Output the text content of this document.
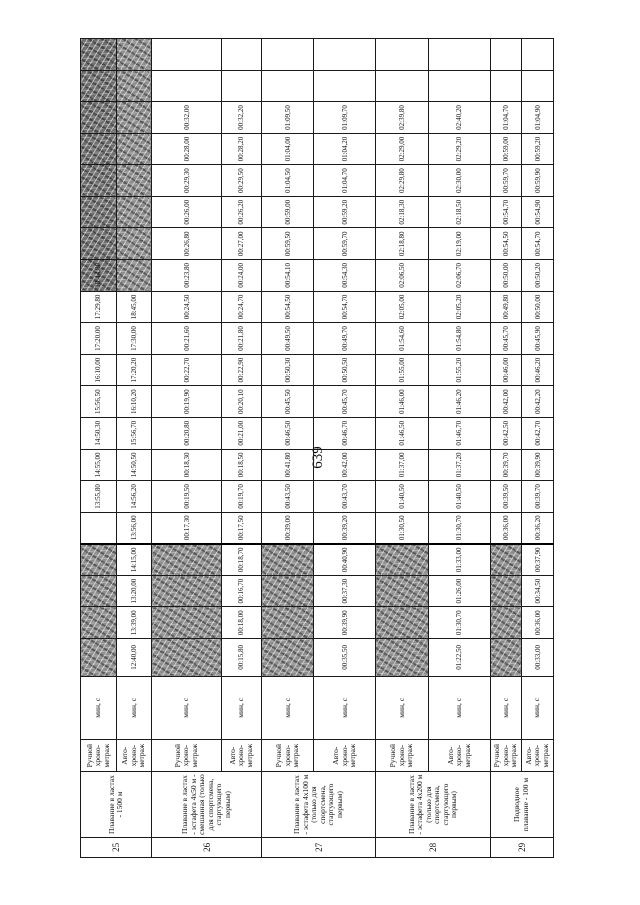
639
25	Плавание в ластах - 1500 м	Ручной хроно-метраж	мин, с						13:55,80	14:55,00	14:50,30	15:56,50	16:10,00	17:20,00	17:29,80	18:44,80							
		Авто-хроно-метраж	мин, с	12:40,00	13:39,00	13:20,00	14:15,00	13:56,00	14:56,20	14:50,50	15:56,70	16:10,20	17:20,20	17:30,00	18:45,00								
26	Плавание в ластах - эстафета 4х50 м - смешанная (только для спортсмена, стартующего первым)	Ручной хроно-метраж	мин, с					00:17,30	00:19,50	00:18,30	00:20,80	00:19,90	00:22,70	00:21,60	00:24,50	00:23,80	00:26,80	00:26,00	00:29,30	00:28,00	00:32,00		
		Авто-хроно-метраж	мин, с	00:15,80	00:18,00	00:16,70	00:18,70	00:17,50	00:19,70	00:18,50	00:21,00	00:20,10	00:22,90	00:21,80	00:24,70	00:24,00	00:27,00	00:26,20	00:29,50	00:28,20	00:32,20		
27	Плавание в ластах - эстафета 4х100 м (только для спортсмена, стартующего первым)	Ручной хроно-метраж	мин, с					00:39,00	00:43,50	00:41,80	00:46,50	00:45,50	00:50,30	00:49,50	00:54,50	00:54,10	00:59,50	00:59,00	01:04,50	01:04,00	01:09,50		
		Авто-хроно-метраж	мин, с	00:35,50	00:39,90	00:37,30	00:40,90	00:39,20	00:43,70	00:42,00	00:46,70	00:45,70	00:50,50	00:49,70	00:54,70	00:54,30	00:59,70	00:59,20	01:04,70	01:04,20	01:09,70		
28	Плавание в ластах - эстафета 4х200 м (только для спортсмена, стартующего первым)	Ручной хроно-метраж	мин, с					01:30,50	01:40,50	01:37,00	01:46,50	01:46,00	01:55,00	01:54,60	02:05,00	02:06,50	02:18,80	02:18,30	02:29,80	02:29,00	02:39,80		
		Авто-хроно-метраж	мин, с	01:22,50	01:30,70	01:26,00	01:33,00	01:30,70	01:40,50	01:37,20	01:46,70	01:46,20	01:55,20	01:54,80	02:05,20	02:06,70	02:19,00	02:18,50	02:30,00	02:29,20	02:40,20		
29	Подводное плавание - 100 м	Ручной хроно-метраж	мин, с					00:36,00	00:39,50	00:39,70	00:42,50	00:42,00	00:46,00	00:45,70	00:49,80	00:50,00	00:54,50	00:54,70	00:59,70	00:59,00	01:04,70		
		Авто-хроно-метраж	мин, с	00:33,00	00:36,00	00:34,50	00:37,90	00:36,20	00:39,70	00:39,90	00:42,70	00:42,20	00:46,20	00:45,90	00:50,00	00:50,20	00:54,70	00:54,90	00:59,90	00:59,20	01:04,90		
